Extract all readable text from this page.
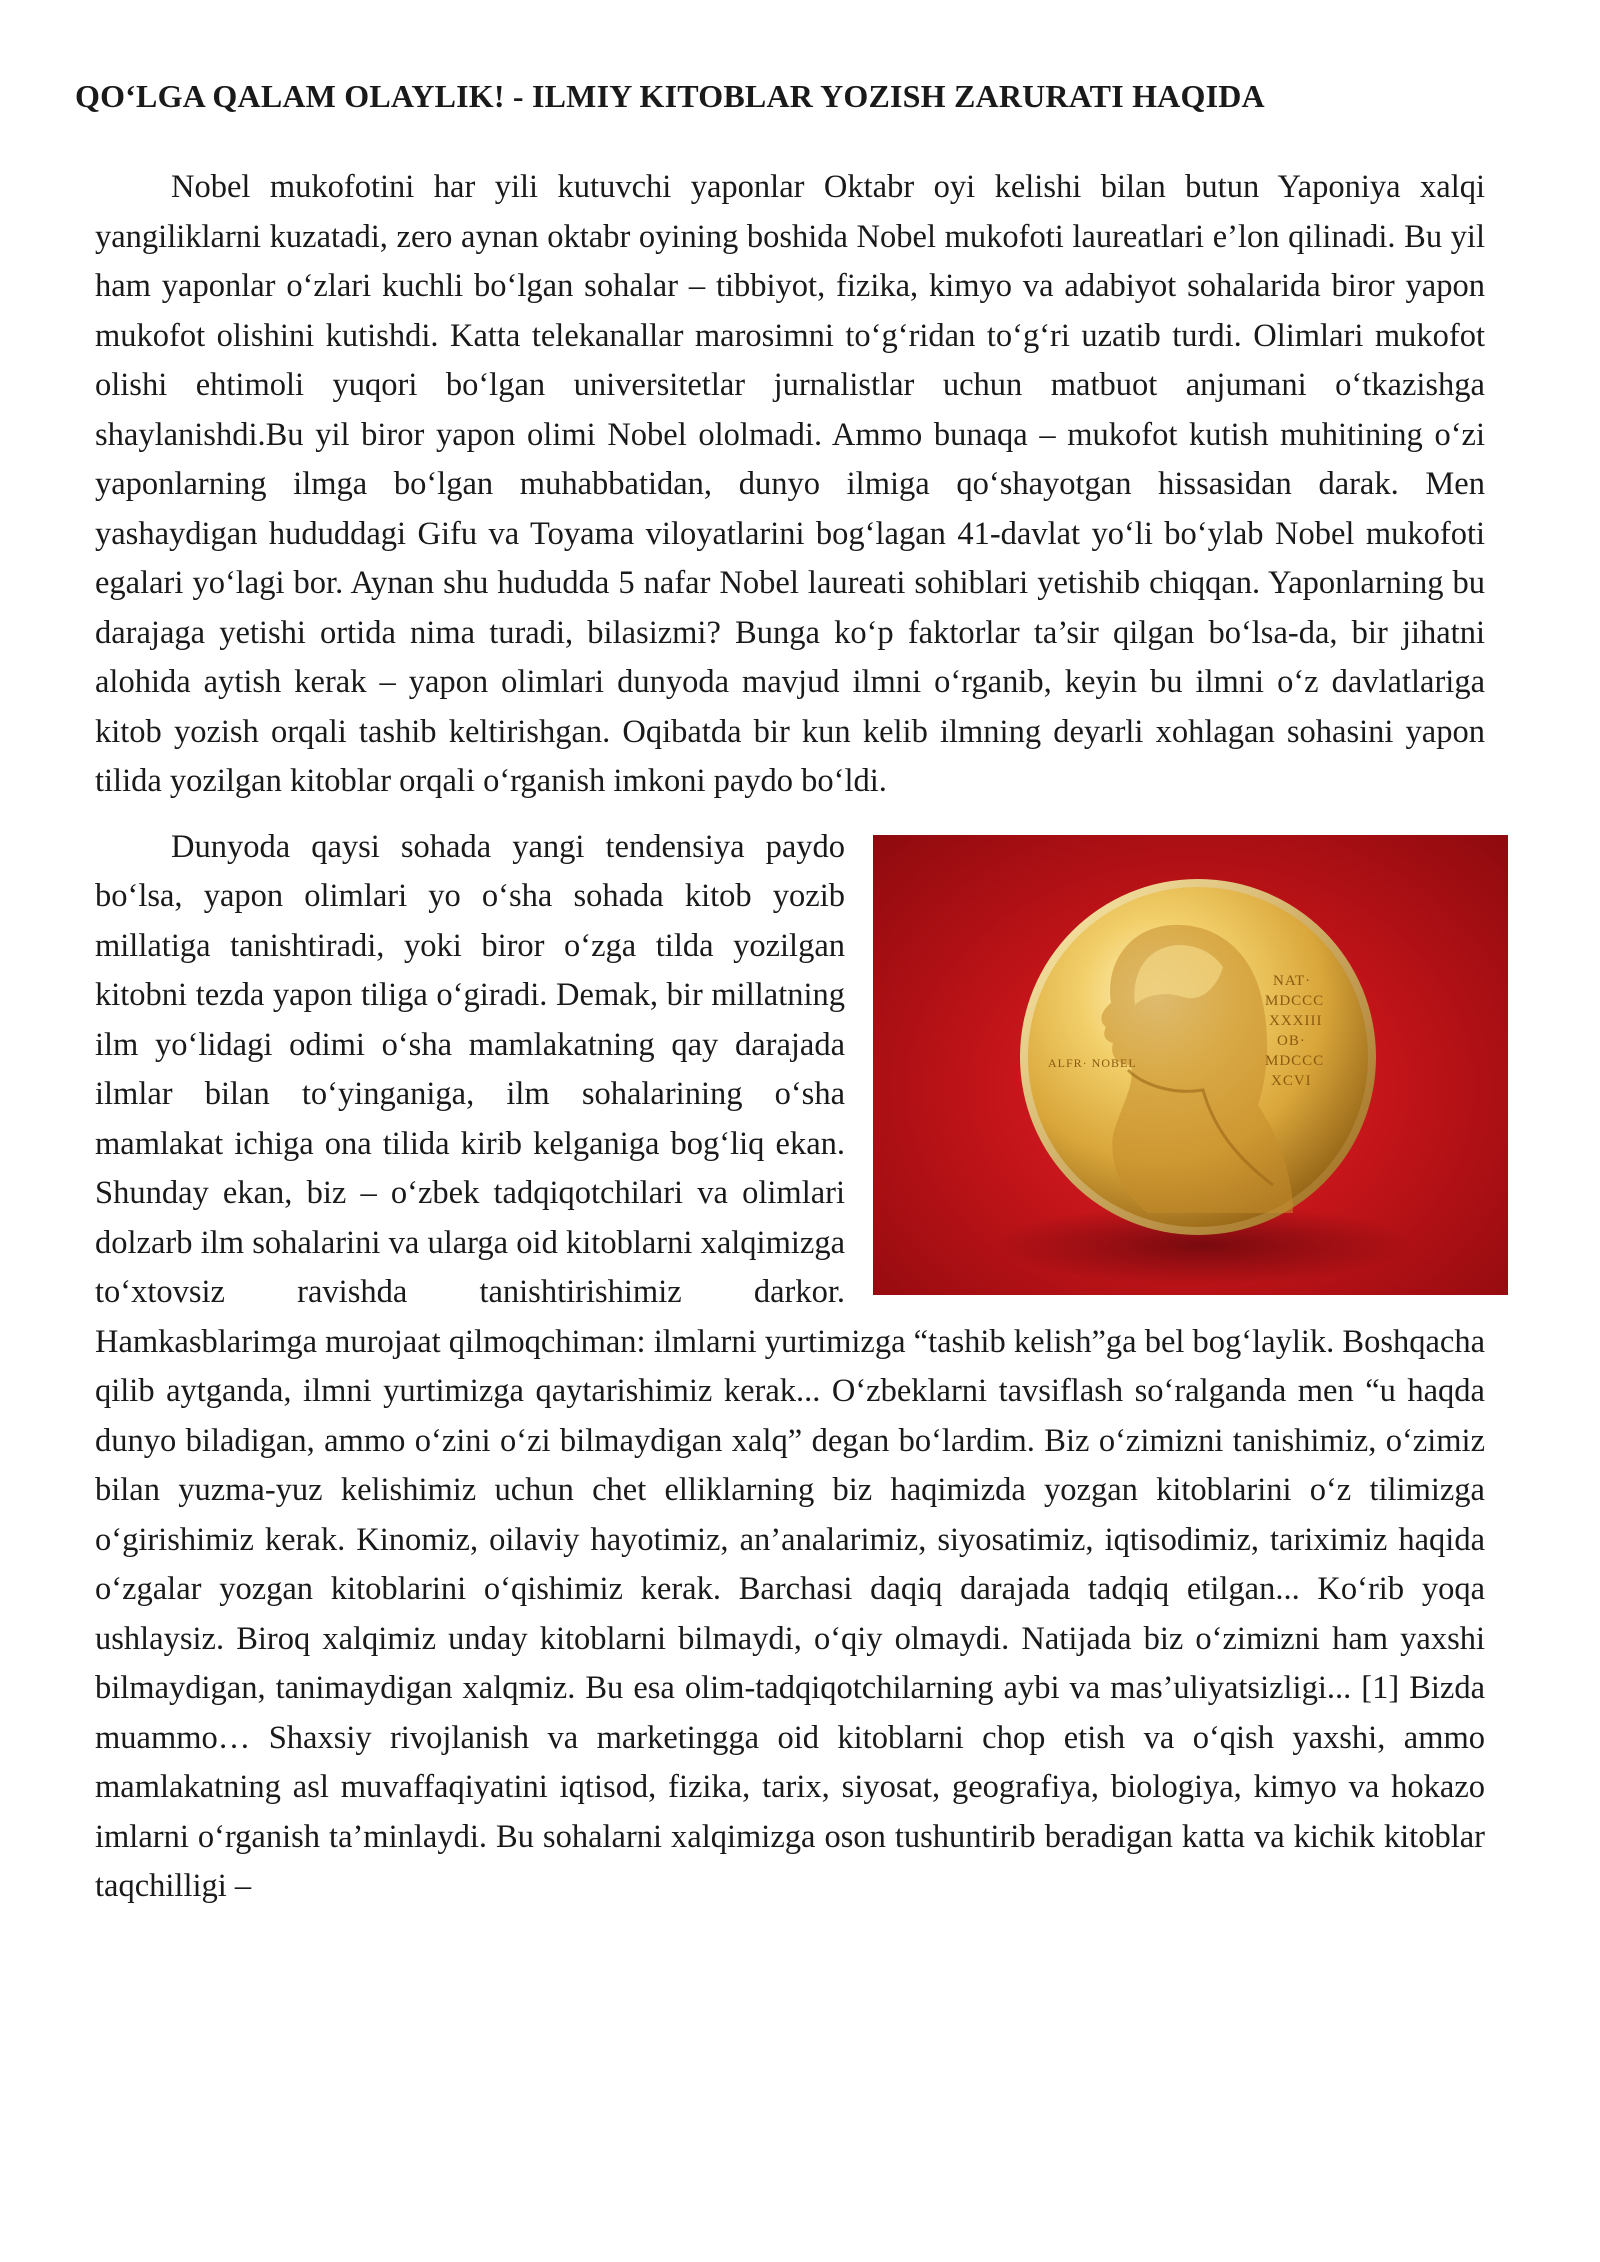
QO‘LGA QALAM OLAYLIK! - ILMIY KITOBLAR YOZISH ZARURATI HAQIDA

Nobel mukofotini har yili kutuvchi yaponlar Oktabr oyi kelishi bilan butun Yaponiya xalqi yangiliklarni kuzatadi, zero aynan oktabr oyining boshida Nobel mukofoti laureatlari e’lon qilinadi. Bu yil ham yaponlar o‘zlari kuchli bo‘lgan sohalar – tibbiyot, fizika, kimyo va adabiyot sohalarida biror yapon mukofot olishini kutishdi. Katta telekanallar marosimni to‘g‘ridan to‘g‘ri uzatib turdi. Olimlari mukofot olishi ehtimoli yuqori bo‘lgan universitetlar jurnalistlar uchun matbuot anjumani o‘tkazishga shaylanishdi.Bu yil biror yapon olimi Nobel ololmadi. Ammo bunaqa – mukofot kutish muhitining o‘zi yaponlarning ilmga bo‘lgan muhabbatidan, dunyo ilmiga qo‘shayotgan hissasidan darak. Men yashaydigan hududdagi Gifu va Toyama viloyatlarini bog‘lagan 41-davlat yo‘li bo‘ylab Nobel mukofoti egalari yo‘lagi bor. Aynan shu hududda 5 nafar Nobel laureati sohiblari yetishib chiqqan. Yaponlarning bu darajaga yetishi ortida nima turadi, bilasizmi? Bunga ko‘p faktorlar ta’sir qilgan bo‘lsa-da, bir jihatni alohida aytish kerak – yapon olimlari dunyoda mavjud ilmni o‘rganib, keyin bu ilmni o‘z davlatlariga kitob yozish orqali tashib keltirishgan. Oqibatda bir kun kelib ilmning deyarli xohlagan sohasini yapon tilida yozilgan kitoblar orqali o‘rganish imkoni paydo bo‘ldi.

ALFR· NOBEL
NAT·
MDCCC
XXXIII
OB·
MDCCC
XCVI

Dunyoda qaysi sohada yangi tendensiya paydo bo‘lsa, yapon olimlari yo o‘sha sohada kitob yozib millatiga tanishtiradi, yoki biror o‘zga tilda yozilgan kitobni tezda yapon tiliga o‘giradi. Demak, bir millatning ilm yo‘lidagi odimi o‘sha mamlakatning qay darajada ilmlar bilan to‘yinganiga, ilm sohalarining o‘sha mamlakat ichiga ona tilida kirib kelganiga bog‘liq ekan. Shunday ekan, biz – o‘zbek tadqiqotchilari va olimlari dolzarb ilm sohalarini va ularga oid kitoblarni xalqimizga to‘xtovsiz ravishda tanishtirishimiz darkor. Hamkasblarimga murojaat qilmoqchiman: ilmlarni yurtimizga “tashib kelish”ga bel bog‘laylik. Boshqacha qilib aytganda, ilmni yurtimizga qaytarishimiz kerak... O‘zbeklarni tavsiflash so‘ralganda men “u haqda dunyo biladigan, ammo o‘zini o‘zi bilmaydigan xalq” degan bo‘lardim. Biz o‘zimizni tanishimiz, o‘zimiz bilan yuzma-yuz kelishimiz uchun chet elliklarning biz haqimizda yozgan kitoblarini o‘z tilimizga o‘girishimiz kerak. Kinomiz, oilaviy hayotimiz, an’analarimiz, siyosatimiz, iqtisodimiz, tariximiz haqida o‘zgalar yozgan kitoblarini o‘qishimiz kerak. Barchasi daqiq darajada tadqiq etilgan... Ko‘rib yoqa ushlaysiz. Biroq xalqimiz unday kitoblarni bilmaydi, o‘qiy olmaydi. Natijada biz o‘zimizni ham yaxshi bilmaydigan, tanimaydigan xalqmiz. Bu esa olim-tadqiqotchilarning aybi va mas’uliyatsizligi... [1] Bizda muammo… Shaxsiy rivojlanish va marketingga oid kitoblarni chop etish va o‘qish yaxshi, ammo mamlakatning asl muvaffaqiyatini iqtisod, fizika, tarix, siyosat, geografiya, biologiya, kimyo va hokazo imlarni o‘rganish ta’minlaydi. Bu sohalarni xalqimizga oson tushuntirib beradigan katta va kichik kitoblar taqchilligi –
